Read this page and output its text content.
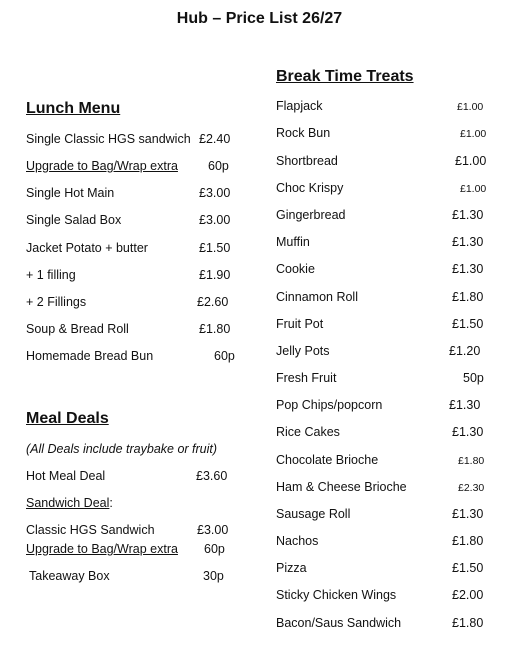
Hub – Price List 26/27
Lunch Menu
Single Classic HGS sandwich £2.40
Upgrade to Bag/Wrap extra 60p
Single Hot Main	£3.00
Single Salad Box	£3.00
Jacket Potato + butter	£1.50
+ 1 filling	£1.90
+ 2 Fillings	£2.60
Soup & Bread Roll	£1.80
Homemade Bread Bun	60p
Meal Deals
(All Deals include traybake or fruit)
Hot Meal Deal	£3.60
Sandwich Deal:
Classic HGS Sandwich	£3.00
Upgrade to Bag/Wrap extra 60p
Takeaway Box	30p
Break Time Treats
Flapjack	£1.00
Rock Bun	£1.00
Shortbread	£1.00
Choc Krispy	£1.00
Gingerbread	£1.30
Muffin	£1.30
Cookie	£1.30
Cinnamon Roll	£1.80
Fruit Pot	£1.50
Jelly Pots	£1.20
Fresh Fruit	50p
Pop Chips/popcorn	£1.30
Rice Cakes	£1.30
Chocolate Brioche	£1.80
Ham & Cheese Brioche	£2.30
Sausage Roll	£1.30
Nachos	£1.80
Pizza	£1.50
Sticky Chicken Wings	£2.00
Bacon/Saus Sandwich	£1.80
